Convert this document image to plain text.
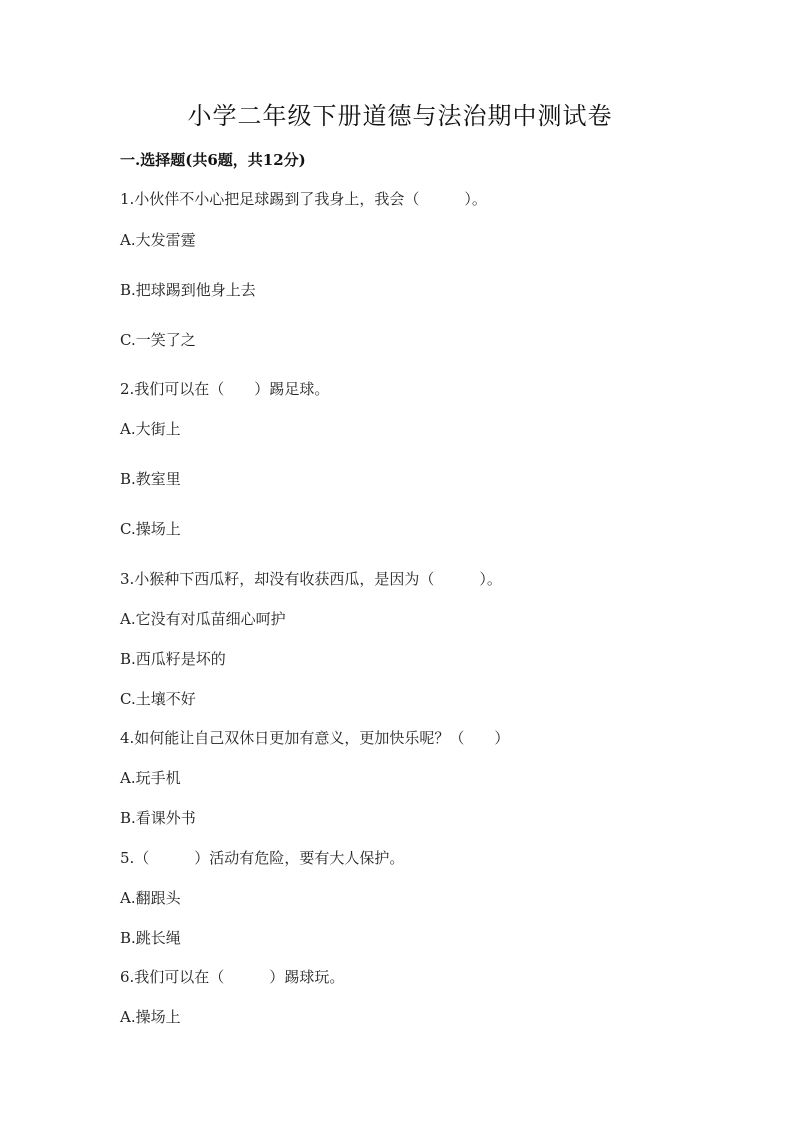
小学二年级下册道德与法治期中测试卷
一.选择题(共6题，共12分)
1.小伙伴不小心把足球踢到了我身上，我会（　　　）。
A.大发雷霆
B.把球踢到他身上去
C.一笑了之
2.我们可以在（　　）踢足球。
A.大街上
B.教室里
C.操场上
3.小猴种下西瓜籽，却没有收获西瓜，是因为（　　　）。
A.它没有对瓜苗细心呵护
B.西瓜籽是坏的
C.土壤不好
4.如何能让自己双休日更加有意义，更加快乐呢？（　　）
A.玩手机
B.看课外书
5.（　　　）活动有危险，要有大人保护。
A.翻跟头
B.跳长绳
6.我们可以在（　　　）踢球玩。
A.操场上
